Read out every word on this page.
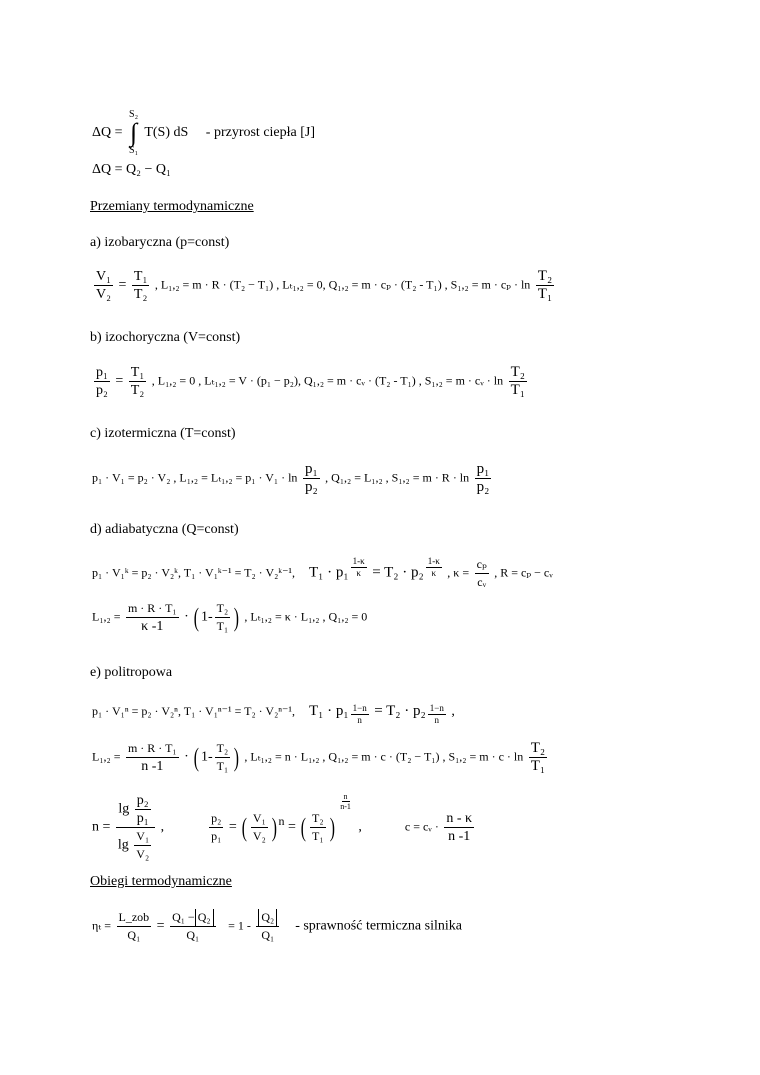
ΔQ =
S₂
∫
S₁
T(S) dS - przyrost ciepła [J]
ΔQ = Q₂ − Q₁
Przemiany termodynamiczne
a) izobaryczna (p=const)
$\frac{\text{V₁}}{\text{V₂}} = \frac{\text{T₁}}{\text{T₂}}$ , L₁,₂ = m · R · (T₂ − T₁) , Lₜ₁,₂ = 0, Q₁,₂ = m · cₚ · (T₂ - T₁) , $S_1,_2 = m \cdot c_p \cdot \ln \frac{\text{T₂}}{\text{T₁}}$
b) izochoryczna (V=const)
$\frac{\text{p₁}}{\text{p₂}} = \frac{\text{T₁}}{\text{T₂}}$ , L₁,₂ = 0 , Lₜ₁,₂ = V · (p₁ − p₂), Q₁,₂ = m · cᵥ · (T₂ - T₁) , S₁,₂ = m · cᵥ · $\ln \frac{\text{T₂}}{\text{T₁}}$
c) izotermiczna (T=const)
p₁ · V₁ = p₂ · V₂ , $L_1,_2 = L_{t1},_2 = p_1 \cdot V_1 \cdot \ln \frac{\text{p₁}}{\text{p₂}}$ , Q₁,₂ = L₁,₂ , $S_1,_2 = m \cdot R \cdot \ln \frac{\text{p₁}}{\text{p₂}}$
d) adiabatyczna (Q=const)
p₁ · V₁ᵏ = p₂ · V₂ᵏ, T₁ · V₁ᵏ⁻¹ = T₂ · V₂ᵏ⁻¹, $T_1 \cdot p_1 \frac{1-\kappa}{\kappa} = T_2 \cdot p_2 \frac{1-\kappa}{\kappa}$ , $\kappa = \frac{\text{cₚ}}{\text{cᵥ}}$ , R = cₚ − cᵥ
$L_1,_2 = \frac{\text{m · R · T₁}}{\kappa -1}$ · ( $1- \frac{\text{T₂}}{\text{T₁}}$ ) , Lₜ₁,₂ = κ · L₁,₂ , Q₁,₂ = 0
e) politropowa
p₁ · V₁ⁿ = p₂ · V₂ⁿ, T₁ · V₁ⁿ⁻¹ = T₂ · V₂ⁿ⁻¹, $T_1 \cdot p_1 \frac{1-n}{n} = T_2 \cdot p_2 \frac{1-n}{n}$ ,
$L_1,_2 = \frac{\text{m · R · T₁}}{n -1}$ · ( $1- \frac{\text{T₂}}{\text{T₁}}$ ) , Lₜ₁,₂ = n · L₁,₂ , Q₁,₂ = m · c · (T₂ − T₁) , $S_1,_2 = m \cdot c \cdot \ln \frac{\text{T₂}}{\text{T₁}}$
$n = \frac{\lg \frac{\text{p₂}}{\text{p₁}}}{\lg \frac{\text{V₁}}{\text{V₂}}}$ ,	$\frac{\text{p₂}}{\text{p₁}}$ = ( $\frac{\text{V₁}}{\text{V₂}}$ ) $^n$ = ( $\frac{\text{T₂}}{\text{T₁}}$ )
$\frac{n}{n-1}$
,	c = cᵥ · $\frac{n - \kappa}{n -1}$
Obiegi termodynamiczne
$\eta_t = \frac{\text{L\_zob}}{\text{Q₁}} = \frac{\text{Q₁ − Q₂}}{\text{Q₁}} = 1 - \frac{\text{Q₂}}{\text{Q₁}}$ - sprawność termiczna silnika
